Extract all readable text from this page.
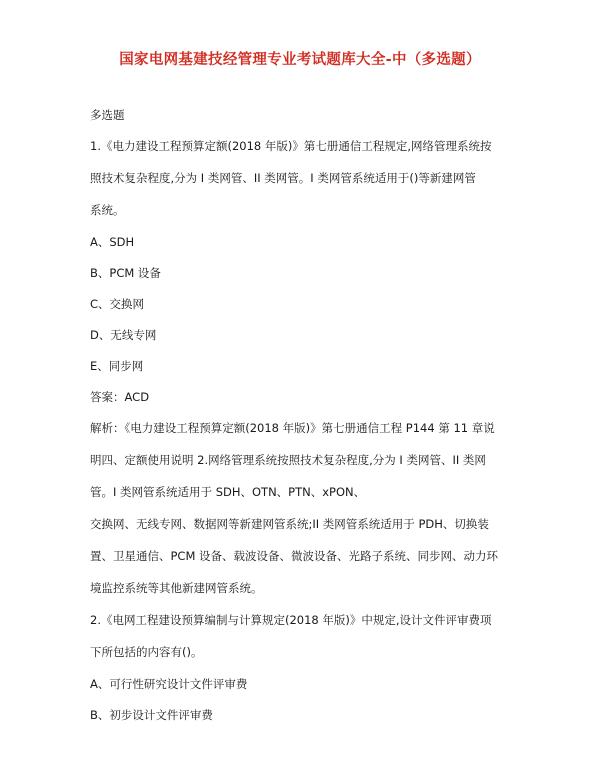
国家电网基建技经管理专业考试题库大全-中（多选题）

多选题

1.《电力建设工程预算定额(2018 年版)》第七册通信工程规定,网络管理系统按

照技术复杂程度,分为 I 类网管、II 类网管。I 类网管系统适用于()等新建网管

系统。

A、SDH

B、PCM 设备

C、交换网

D、无线专网

E、同步网

答案：ACD

解析：《电力建设工程预算定额(2018 年版)》第七册通信工程 P144 第 11 章说

明四、定额使用说明 2.网络管理系统按照技术复杂程度,分为 I 类网管、II 类网

管。I 类网管系统适用于 SDH、OTN、PTN、xPON、

交换网、无线专网、数据网等新建网管系统;II 类网管系统适用于 PDH、切换装

置、卫星通信、PCM 设备、载波设备、微波设备、光路子系统、同步网、动力环

境监控系统等其他新建网管系统。

2.《电网工程建设预算编制与计算规定(2018 年版)》中规定,设计文件评审费项

下所包括的内容有()。

A、可行性研究设计文件评审费

B、初步设计文件评审费
